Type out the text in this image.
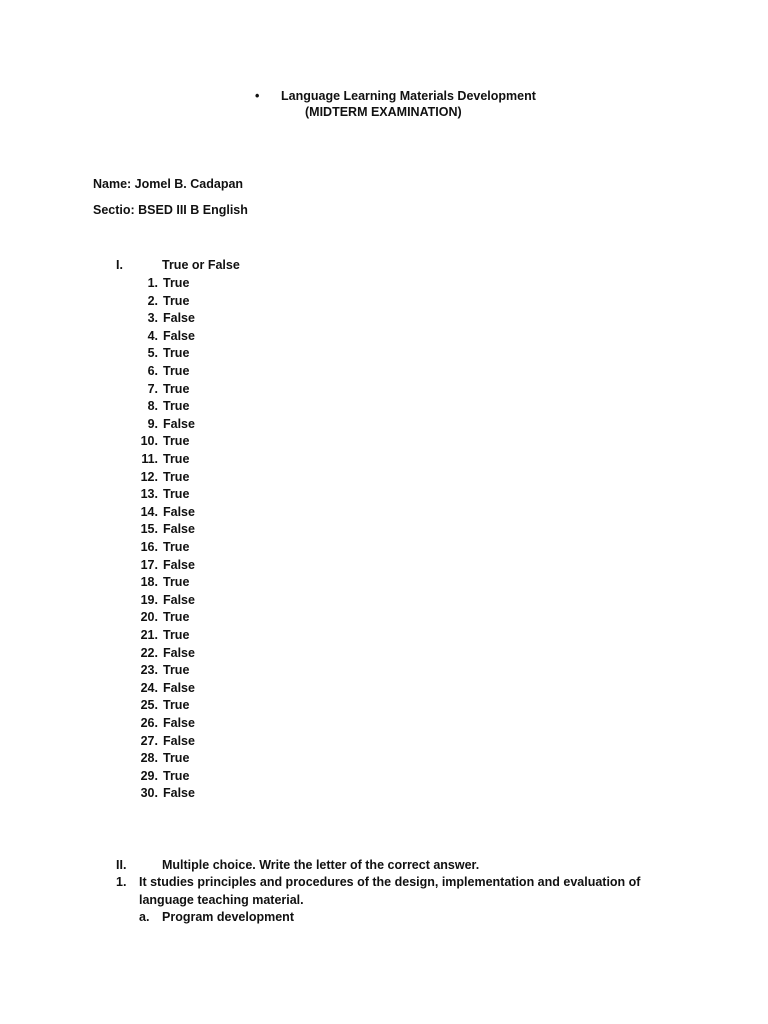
• Language Learning Materials Development
(MIDTERM EXAMINATION)
Name: Jomel B. Cadapan
Sectio: BSED III B English
I.	True or False
1. True
2. True
3. False
4. False
5. True
6. True
7. True
8. True
9. False
10. True
11. True
12. True
13. True
14. False
15. False
16. True
17. False
18. True
19. False
20. True
21. True
22. False
23. True
24. False
25. True
26. False
27. False
28. True
29. True
30. False
II.	Multiple choice. Write the letter of the correct answer.
1. It studies principles and procedures of the design, implementation and evaluation of
language teaching material.
a. Program development
